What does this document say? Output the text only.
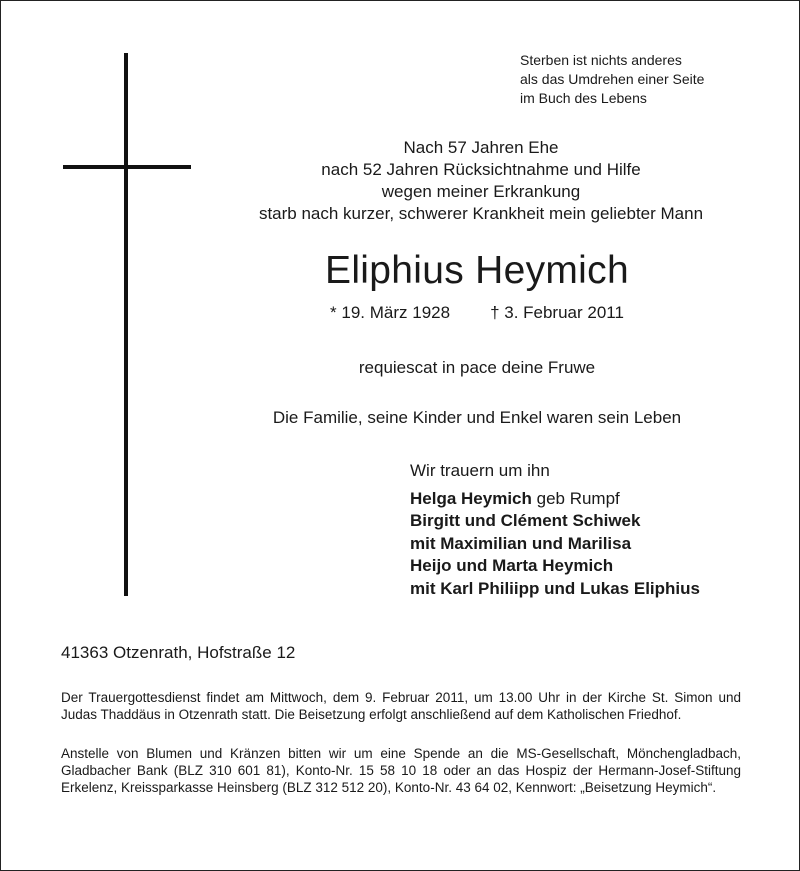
Sterben ist nichts anderes
als das Umdrehen einer Seite
im Buch des Lebens
Nach 57 Jahren Ehe
nach 52 Jahren Rücksichtnahme und Hilfe
wegen meiner Erkrankung
starb nach kurzer, schwerer Krankheit mein geliebter Mann
Eliphius Heymich
* 19. März 1928 † 3. Februar 2011
requiescat in pace deine Fruwe
Die Familie, seine Kinder und Enkel waren sein Leben
Wir trauern um ihn
Helga Heymich geb Rumpf
Birgitt und Clément Schiwek
mit Maximilian und Marilisa
Heijo und Marta Heymich
mit Karl Philiipp und Lukas Eliphius
41363 Otzenrath, Hofstraße 12
Der Trauergottesdienst findet am Mittwoch, dem 9. Februar 2011, um 13.00 Uhr in der Kirche St. Simon und Judas Thaddäus in Otzenrath statt. Die Beisetzung erfolgt anschließend auf dem Katholischen Friedhof.
Anstelle von Blumen und Kränzen bitten wir um eine Spende an die MS-Gesellschaft, Mönchengladbach, Gladbacher Bank (BLZ 310 601 81), Konto-Nr. 15 58 10 18 oder an das Hospiz der Hermann-Josef-Stiftung Erkelenz, Kreissparkasse Heinsberg (BLZ 312 512 20), Konto-Nr. 43 64 02, Kennwort: „Beisetzung Heymich“.
